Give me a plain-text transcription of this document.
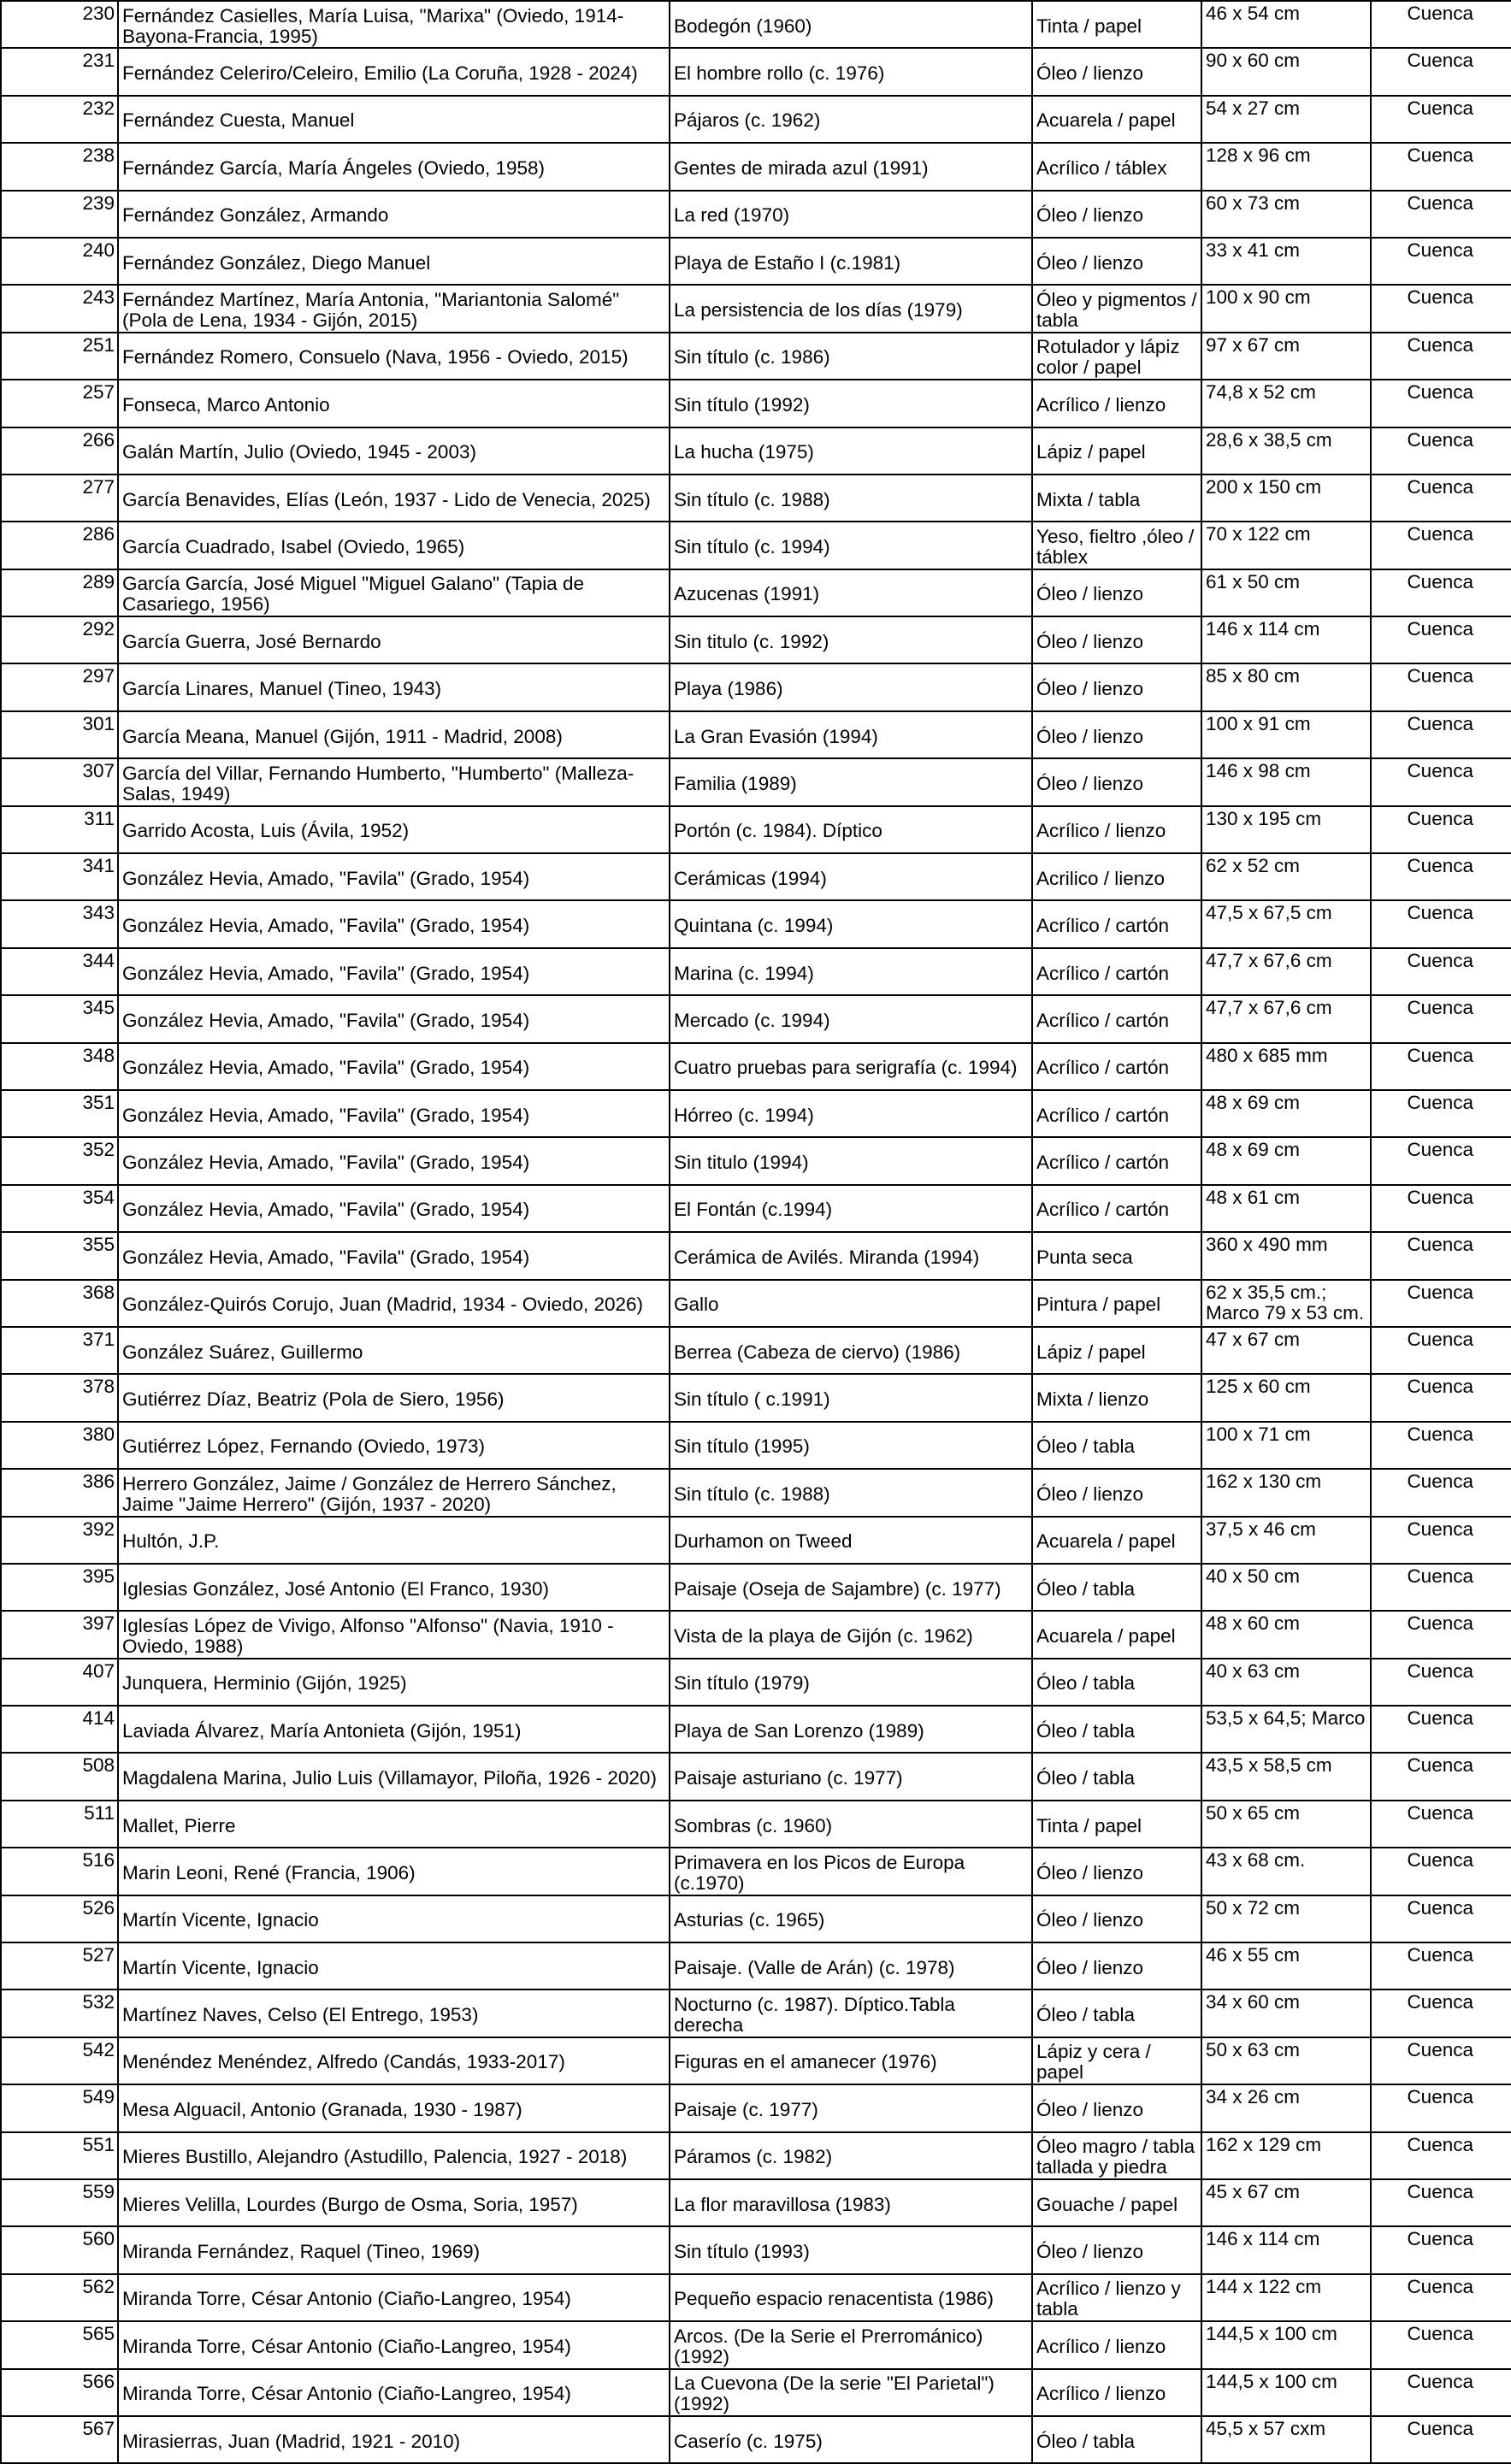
230	Fernández Casielles, María Luisa, "Marixa" (Oviedo, 1914-Bayona-Francia, 1995)	Bodegón (1960)	Tinta / papel	46 x 54 cm	Cuenca
231	Fernández Celeriro/Celeiro, Emilio (La Coruña, 1928 - 2024)	El hombre rollo (c. 1976)	Óleo / lienzo	90 x 60 cm	Cuenca
232	Fernández Cuesta, Manuel	Pájaros (c. 1962)	Acuarela / papel	54 x 27 cm	Cuenca
238	Fernández García, María Ángeles (Oviedo, 1958)	Gentes de mirada azul (1991)	Acrílico / táblex	128 x 96 cm	Cuenca
239	Fernández González, Armando	La red (1970)	Óleo / lienzo	60 x 73 cm	Cuenca
240	Fernández González, Diego Manuel	Playa de Estaño I (c.1981)	Óleo / lienzo	33 x 41 cm	Cuenca
243	Fernández Martínez, María Antonia, "Mariantonia Salomé" (Pola de Lena, 1934 - Gijón, 2015)	La persistencia de los días (1979)	Óleo y pigmentos / tabla	100 x 90 cm	Cuenca
251	Fernández Romero, Consuelo (Nava, 1956 - Oviedo, 2015)	Sin título (c. 1986)	Rotulador y lápiz color / papel	97 x 67 cm	Cuenca
257	Fonseca, Marco Antonio	Sin título (1992)	Acrílico / lienzo	74,8 x 52 cm	Cuenca
266	Galán Martín, Julio (Oviedo, 1945 - 2003)	La hucha (1975)	Lápiz / papel	28,6 x 38,5 cm	Cuenca
277	García Benavides, Elías (León, 1937 - Lido de Venecia, 2025)	Sin título (c. 1988)	Mixta / tabla	200 x 150 cm	Cuenca
286	García Cuadrado, Isabel (Oviedo, 1965)	Sin título (c. 1994)	Yeso, fieltro ,óleo / táblex	70 x 122 cm	Cuenca
289	García García, José Miguel "Miguel Galano" (Tapia de Casariego, 1956)	Azucenas (1991)	Óleo / lienzo	61 x 50 cm	Cuenca
292	García Guerra, José Bernardo	Sin titulo (c. 1992)	Óleo / lienzo	146 x 114 cm	Cuenca
297	García Linares, Manuel (Tineo, 1943)	Playa (1986)	Óleo / lienzo	85 x 80 cm	Cuenca
301	García Meana, Manuel (Gijón, 1911 - Madrid, 2008)	La Gran Evasión (1994)	Óleo / lienzo	100 x 91 cm	Cuenca
307	García del Villar, Fernando Humberto, "Humberto" (Malleza-Salas, 1949)	Familia (1989)	Óleo / lienzo	146 x 98 cm	Cuenca
311	Garrido Acosta, Luis (Ávila, 1952)	Portón (c. 1984). Díptico	Acrílico / lienzo	130 x 195 cm	Cuenca
341	González Hevia, Amado, "Favila" (Grado, 1954)	Cerámicas (1994)	Acrilico / lienzo	62 x 52 cm	Cuenca
343	González Hevia, Amado, "Favila" (Grado, 1954)	Quintana (c. 1994)	Acrílico / cartón	47,5 x 67,5 cm	Cuenca
344	González Hevia, Amado, "Favila" (Grado, 1954)	Marina (c. 1994)	Acrílico / cartón	47,7 x 67,6 cm	Cuenca
345	González Hevia, Amado, "Favila" (Grado, 1954)	Mercado (c. 1994)	Acrílico / cartón	47,7 x 67,6 cm	Cuenca
348	González Hevia, Amado, "Favila" (Grado, 1954)	Cuatro pruebas para serigrafía (c. 1994)	Acrílico / cartón	480 x 685 mm	Cuenca
351	González Hevia, Amado, "Favila" (Grado, 1954)	Hórreo (c. 1994)	Acrílico / cartón	48 x 69 cm	Cuenca
352	González Hevia, Amado, "Favila" (Grado, 1954)	Sin titulo (1994)	Acrílico / cartón	48 x 69 cm	Cuenca
354	González Hevia, Amado, "Favila" (Grado, 1954)	El Fontán (c.1994)	Acrílico / cartón	48 x 61 cm	Cuenca
355	González Hevia, Amado, "Favila" (Grado, 1954)	Cerámica de Avilés. Miranda (1994)	Punta seca	360 x 490 mm	Cuenca
368	González-Quirós Corujo, Juan (Madrid, 1934 - Oviedo, 2026)	Gallo	Pintura / papel	62 x 35,5 cm.; Marco 79 x 53 cm.	Cuenca
371	González Suárez, Guillermo	Berrea (Cabeza de ciervo) (1986)	Lápiz / papel	47 x 67 cm	Cuenca
378	Gutiérrez Díaz, Beatriz (Pola de Siero, 1956)	Sin título ( c.1991)	Mixta / lienzo	125 x 60 cm	Cuenca
380	Gutiérrez López, Fernando (Oviedo, 1973)	Sin título (1995)	Óleo / tabla	100 x 71 cm	Cuenca
386	Herrero González, Jaime / González de Herrero Sánchez, Jaime "Jaime Herrero" (Gijón, 1937 - 2020)	Sin título (c. 1988)	Óleo / lienzo	162 x 130 cm	Cuenca
392	Hultón, J.P.	Durhamon on Tweed	Acuarela / papel	37,5 x 46 cm	Cuenca
395	Iglesias González, José Antonio (El Franco, 1930)	Paisaje (Oseja de Sajambre) (c. 1977)	Óleo / tabla	40 x 50 cm	Cuenca
397	Iglesías López de Vivigo, Alfonso "Alfonso" (Navia, 1910 - Oviedo, 1988)	Vista de la playa de Gijón (c. 1962)	Acuarela / papel	48 x 60 cm	Cuenca
407	Junquera, Herminio (Gijón, 1925)	Sin título (1979)	Óleo / tabla	40 x 63 cm	Cuenca
414	Laviada Álvarez, María Antonieta (Gijón, 1951)	Playa de San Lorenzo (1989)	Óleo / tabla	53,5 x 64,5; Marco	Cuenca
508	Magdalena Marina, Julio Luis (Villamayor, Piloña, 1926 - 2020)	Paisaje asturiano (c. 1977)	Óleo / tabla	43,5 x 58,5 cm	Cuenca
511	Mallet, Pierre	Sombras (c. 1960)	Tinta / papel	50 x 65 cm	Cuenca
516	Marin Leoni, René (Francia, 1906)	Primavera en los Picos de Europa (c.1970)	Óleo / lienzo	43 x 68 cm.	Cuenca
526	Martín Vicente, Ignacio	Asturias (c. 1965)	Óleo / lienzo	50 x 72 cm	Cuenca
527	Martín Vicente, Ignacio	Paisaje. (Valle de Arán) (c. 1978)	Óleo / lienzo	46 x 55 cm	Cuenca
532	Martínez Naves, Celso (El Entrego, 1953)	Nocturno (c. 1987). Díptico.Tabla derecha	Óleo / tabla	34 x 60 cm	Cuenca
542	Menéndez Menéndez, Alfredo (Candás, 1933-2017)	Figuras en el amanecer (1976)	Lápiz y cera / papel	50 x 63 cm	Cuenca
549	Mesa Alguacil, Antonio (Granada, 1930 - 1987)	Paisaje (c. 1977)	Óleo / lienzo	34 x 26 cm	Cuenca
551	Mieres Bustillo, Alejandro (Astudillo, Palencia, 1927 - 2018)	Páramos (c. 1982)	Óleo magro / tabla tallada y piedra	162 x 129 cm	Cuenca
559	Mieres Velilla, Lourdes (Burgo de Osma, Soria, 1957)	La flor maravillosa (1983)	Gouache / papel	45 x 67 cm	Cuenca
560	Miranda Fernández, Raquel (Tineo, 1969)	Sin título (1993)	Óleo / lienzo	146 x 114 cm	Cuenca
562	Miranda Torre, César Antonio (Ciaño-Langreo, 1954)	Pequeño espacio renacentista (1986)	Acrílico / lienzo y tabla	144 x 122 cm	Cuenca
565	Miranda Torre, César Antonio (Ciaño-Langreo, 1954)	Arcos. (De la Serie el Prerrománico) (1992)	Acrílico / lienzo	144,5 x 100 cm	Cuenca
566	Miranda Torre, César Antonio (Ciaño-Langreo, 1954)	La Cuevona (De la serie "El Parietal") (1992)	Acrílico / lienzo	144,5 x 100 cm	Cuenca
567	Mirasierras, Juan (Madrid, 1921 - 2010)	Caserío (c. 1975)	Óleo / tabla	45,5 x 57 cxm	Cuenca
